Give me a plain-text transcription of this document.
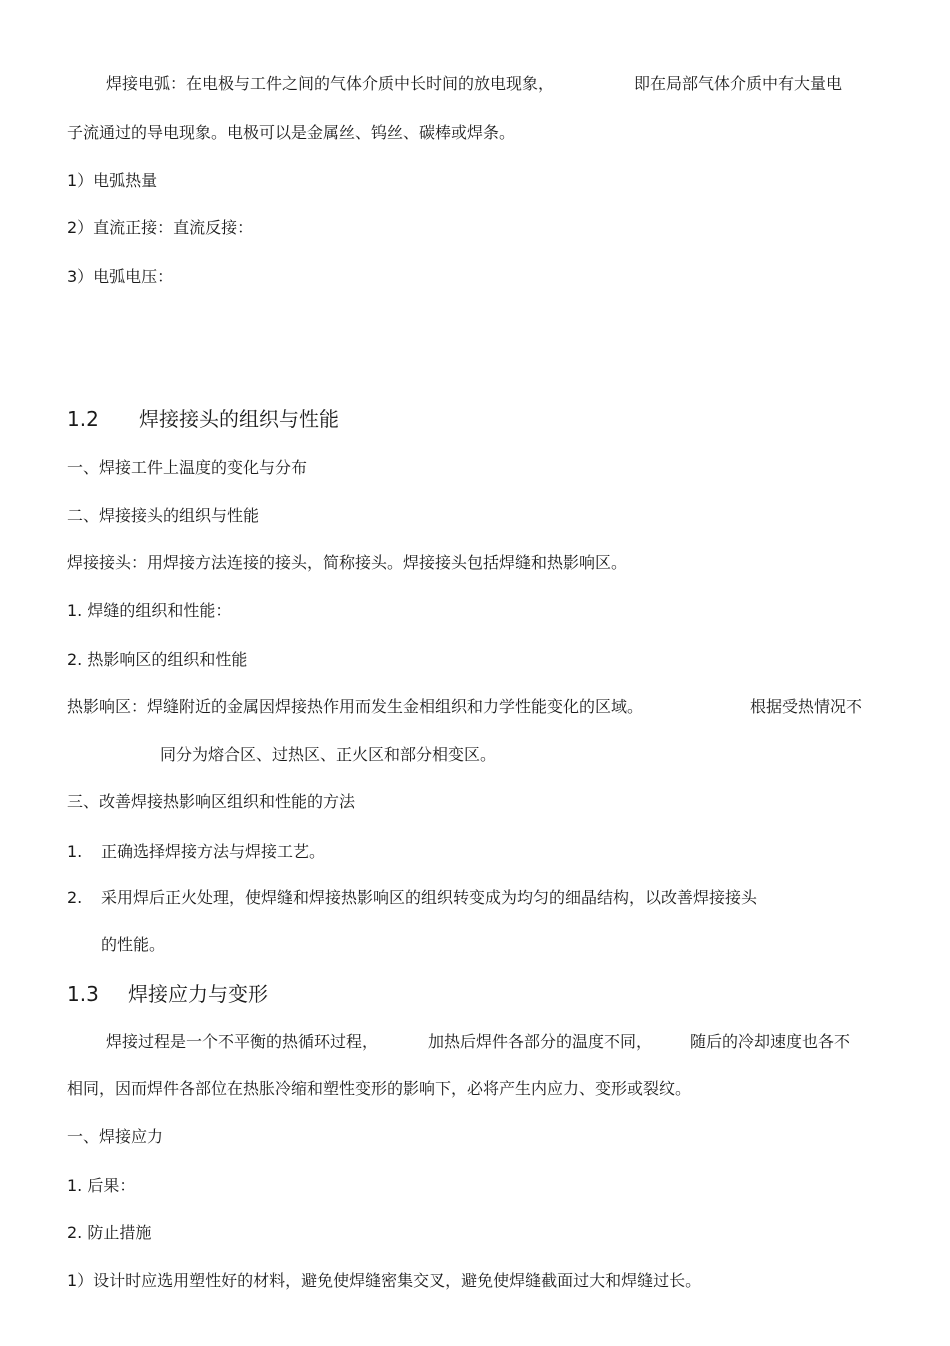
焊接电弧：在电极与工件之间的气体介质中长时间的放电现象，	即在局部气体介质中有大量电
子流通过的导电现象。电极可以是金属丝、钨丝、碳棒或焊条。
1）电弧热量
2）直流正接：直流反接：
3）电弧电压：
1.2 焊接接头的组织与性能
一、焊接工件上温度的变化与分布
二、焊接接头的组织与性能
焊接接头：用焊接方法连接的接头，简称接头。焊接接头包括焊缝和热影响区。
1. 焊缝的组织和性能：
2. 热影响区的组织和性能
热影响区：焊缝附近的金属因焊接热作用而发生金相组织和力学性能变化的区域。	根据受热情况不
同分为熔合区、过热区、正火区和部分相变区。
三、改善焊接热影响区组织和性能的方法
1. 正确选择焊接方法与焊接工艺。
2. 采用焊后正火处理，使焊缝和焊接热影响区的组织转变成为均匀的细晶结构，以改善焊接接头
的性能。
1.3 焊接应力与变形
焊接过程是一个不平衡的热循环过程，	加热后焊件各部分的温度不同， 随后的冷却速度也各不
相同，因而焊件各部位在热胀冷缩和塑性变形的影响下，必将产生内应力、变形或裂纹。
一、焊接应力
1. 后果：
2. 防止措施
1）设计时应选用塑性好的材料，避免使焊缝密集交叉，避免使焊缝截面过大和焊缝过长。
